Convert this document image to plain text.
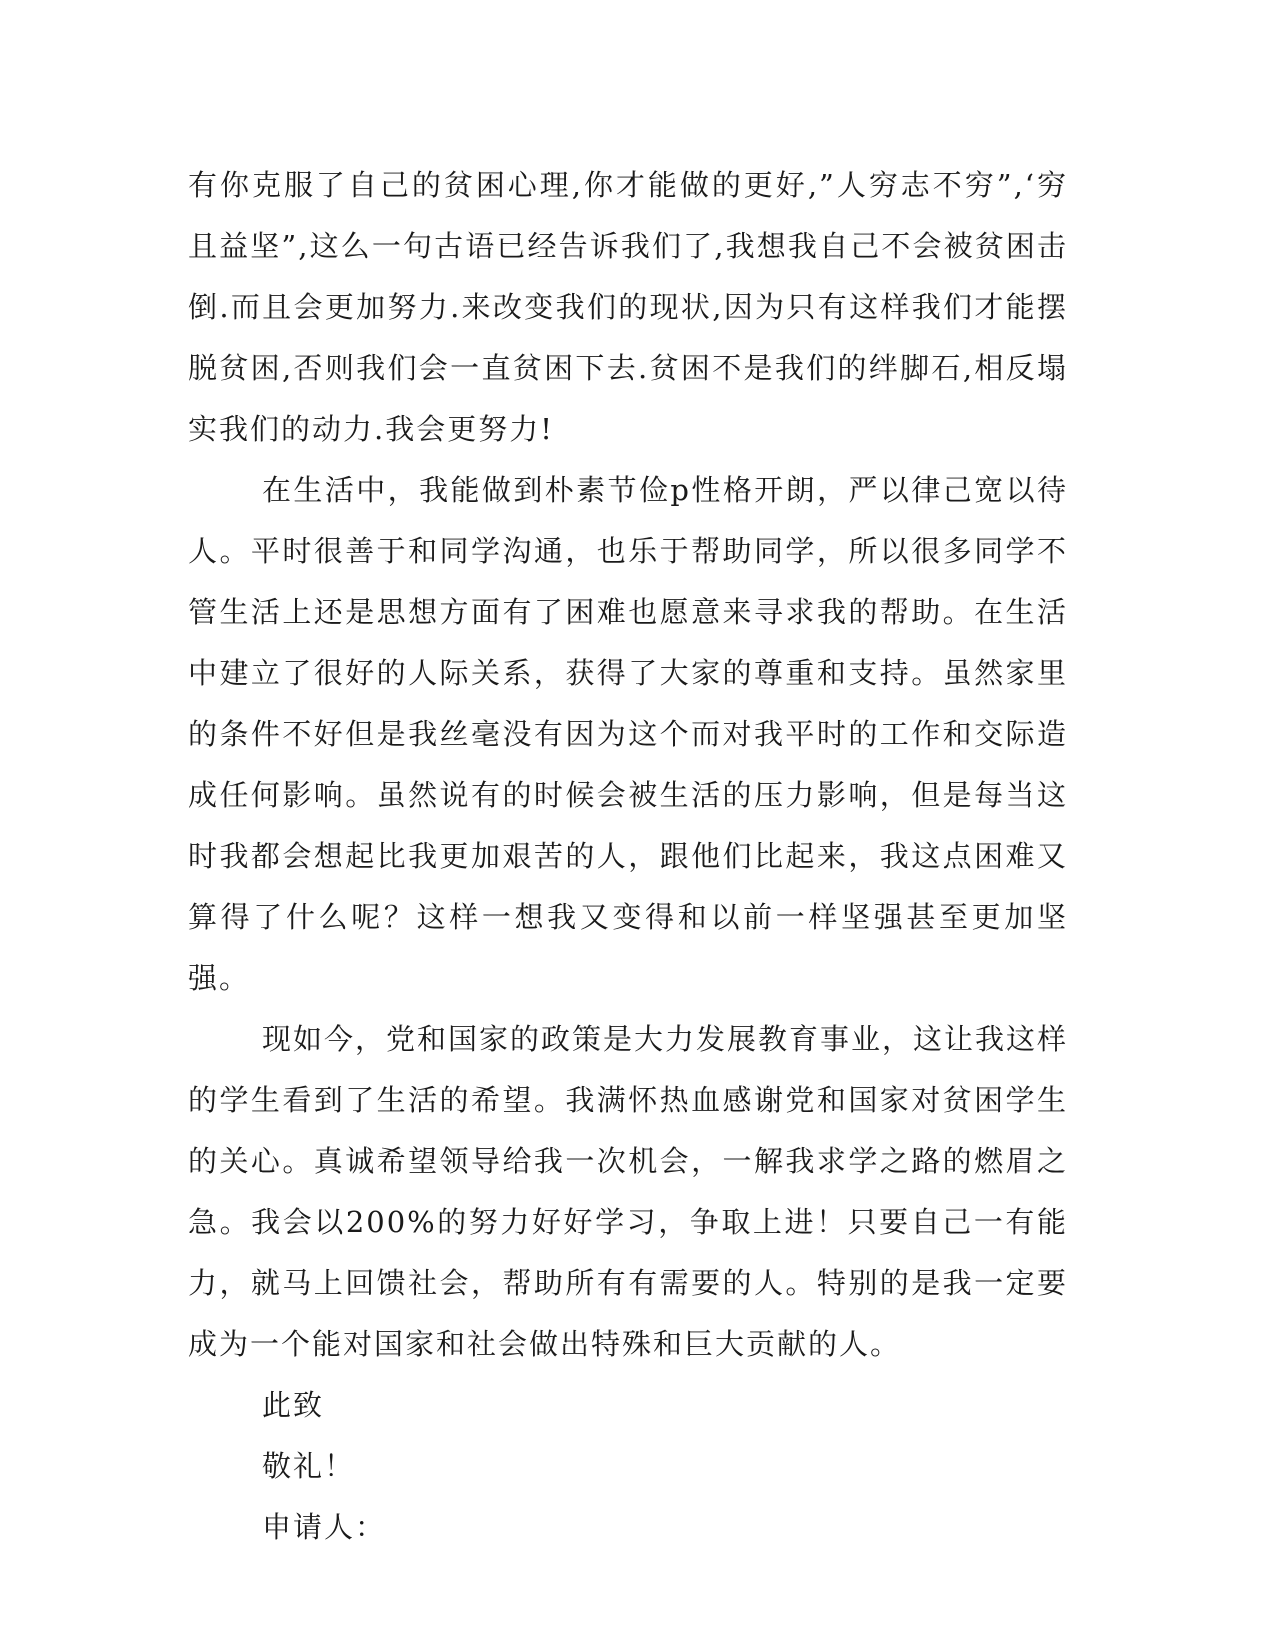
有你克服了自己的贫困心理,你才能做的更好,”人穷志不穷”,‘穷且益坚”,这么一句古语已经告诉我们了,我想我自己不会被贫困击倒.而且会更加努力.来改变我们的现状,因为只有这样我们才能摆脱贫困,否则我们会一直贫困下去.贫困不是我们的绊脚石,相反塌实我们的动力.我会更努力!

在生活中，我能做到朴素节俭p性格开朗，严以律己宽以待人。平时很善于和同学沟通，也乐于帮助同学，所以很多同学不管生活上还是思想方面有了困难也愿意来寻求我的帮助。在生活中建立了很好的人际关系，获得了大家的尊重和支持。虽然家里的条件不好但是我丝毫没有因为这个而对我平时的工作和交际造成任何影响。虽然说有的时候会被生活的压力影响，但是每当这时我都会想起比我更加艰苦的人，跟他们比起来，我这点困难又算得了什么呢？这样一想我又变得和以前一样坚强甚至更加坚强。

现如今，党和国家的政策是大力发展教育事业，这让我这样的学生看到了生活的希望。我满怀热血感谢党和国家对贫困学生的关心。真诚希望领导给我一次机会，一解我求学之路的燃眉之急。我会以200%的努力好好学习，争取上进！只要自己一有能力，就马上回馈社会，帮助所有有需要的人。特别的是我一定要成为一个能对国家和社会做出特殊和巨大贡献的人。

此致

敬礼！

申请人：
